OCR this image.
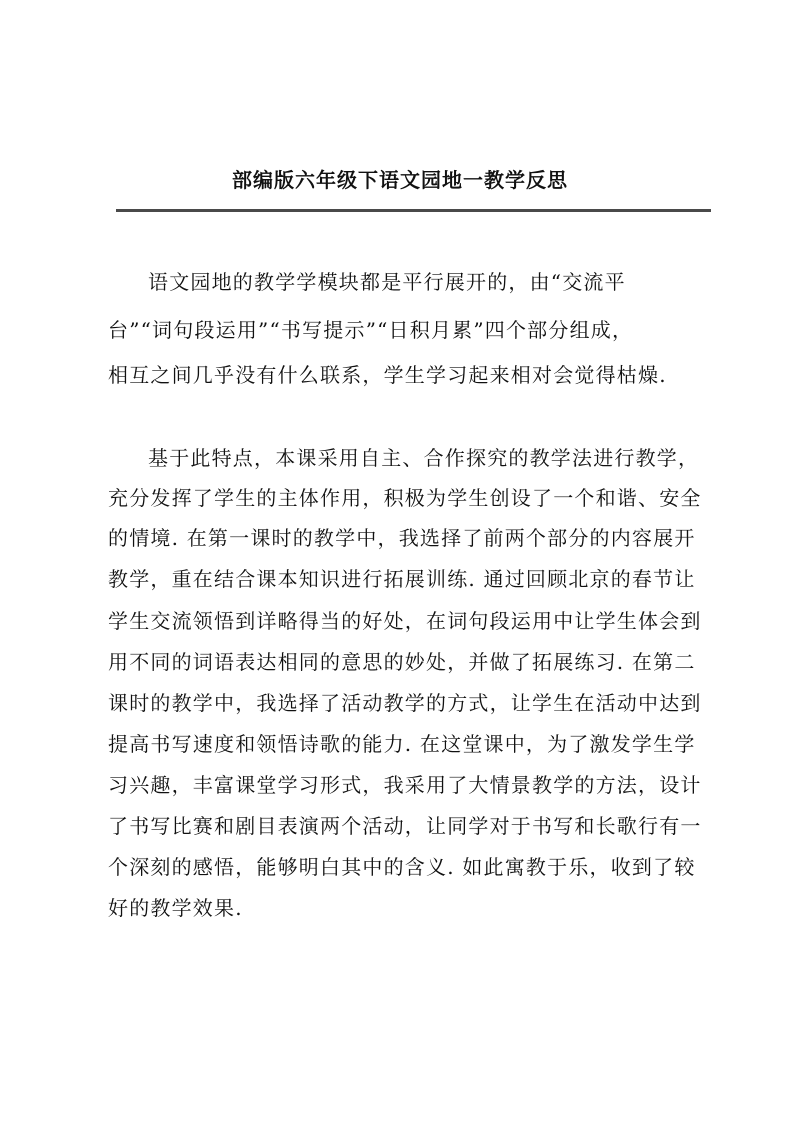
部编版六年级下语文园地一教学反思
语文园地的教学学模块都是平行展开的，由“交流平
台”“词句段运用”“书写提示”“日积月累”四个部分组成，
相互之间几乎没有什么联系，学生学习起来相对会觉得枯燥.
基于此特点，本课采用自主、合作探究的教学法进行教学，
充分发挥了学生的主体作用，积极为学生创设了一个和谐、安全
的情境. 在第一课时的教学中，我选择了前两个部分的内容展开
教学，重在结合课本知识进行拓展训练. 通过回顾北京的春节让
学生交流领悟到详略得当的好处，在词句段运用中让学生体会到
用不同的词语表达相同的意思的妙处，并做了拓展练习. 在第二
课时的教学中，我选择了活动教学的方式，让学生在活动中达到
提高书写速度和领悟诗歌的能力. 在这堂课中，为了激发学生学
习兴趣，丰富课堂学习形式，我采用了大情景教学的方法，设计
了书写比赛和剧目表演两个活动，让同学对于书写和长歌行有一
个深刻的感悟，能够明白其中的含义. 如此寓教于乐，收到了较
好的教学效果.
